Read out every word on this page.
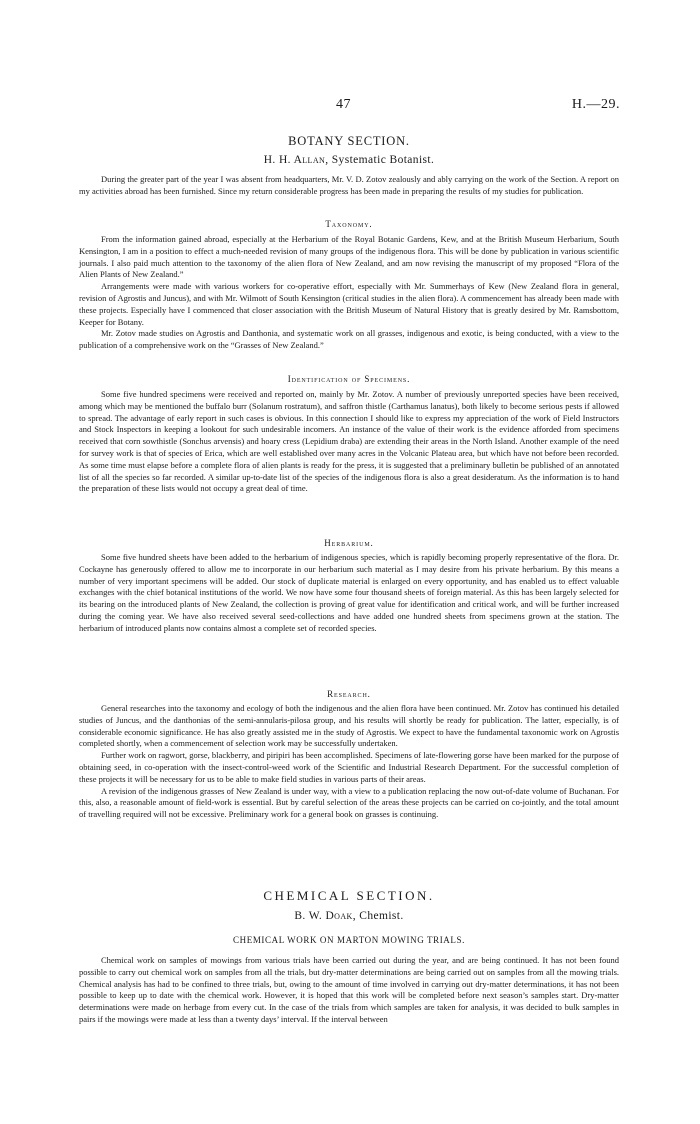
47	H.—29.
BOTANY SECTION.
H. H. Allan, Systematic Botanist.

During the greater part of the year I was absent from headquarters, Mr. V. D. Zotov zealously and ably carrying on the work of the Section. A report on my activities abroad has been furnished. Since my return considerable progress has been made in preparing the results of my studies for publication.

Taxonomy.

From the information gained abroad, especially at the Herbarium of the Royal Botanic Gardens, Kew, and at the British Museum Herbarium, South Kensington, I am in a position to effect a much-needed revision of many groups of the indigenous flora. This will be done by publication in various scientific journals. I also paid much attention to the taxonomy of the alien flora of New Zealand, and am now revising the manuscript of my proposed “Flora of the Alien Plants of New Zealand.”

Arrangements were made with various workers for co-operative effort, especially with Mr. Summerhays of Kew (New Zealand flora in general, revision of Agrostis and Juncus), and with Mr. Wilmott of South Kensington (critical studies in the alien flora). A commencement has already been made with these projects. Especially have I commenced that closer association with the British Museum of Natural History that is greatly desired by Mr. Ramsbottom, Keeper for Botany.

Mr. Zotov made studies on Agrostis and Danthonia, and systematic work on all grasses, indigenous and exotic, is being conducted, with a view to the publication of a comprehensive work on the “Grasses of New Zealand.”

Identification of Specimens.

Some five hundred specimens were received and reported on, mainly by Mr. Zotov. A number of previously unreported species have been received, among which may be mentioned the buffalo burr (Solanum rostratum), and saffron thistle (Carthamus lanatus), both likely to become serious pests if allowed to spread. The advantage of early report in such cases is obvious. In this connection I should like to express my appreciation of the work of Field Instructors and Stock Inspectors in keeping a lookout for such undesirable incomers. An instance of the value of their work is the evidence afforded from specimens received that corn sowthistle (Sonchus arvensis) and hoary cress (Lepidium draba) are extending their areas in the North Island. Another example of the need for survey work is that of species of Erica, which are well established over many acres in the Volcanic Plateau area, but which have not before been recorded. As some time must elapse before a complete flora of alien plants is ready for the press, it is suggested that a preliminary bulletin be published of an annotated list of all the species so far recorded. A similar up-to-date list of the species of the indigenous flora is also a great desideratum. As the information is to hand the preparation of these lists would not occupy a great deal of time.

Herbarium.

Some five hundred sheets have been added to the herbarium of indigenous species, which is rapidly becoming properly representative of the flora. Dr. Cockayne has generously offered to allow me to incorporate in our herbarium such material as I may desire from his private herbarium. By this means a number of very important specimens will be added. Our stock of duplicate material is enlarged on every opportunity, and has enabled us to effect valuable exchanges with the chief botanical institutions of the world. We now have some four thousand sheets of foreign material. As this has been largely selected for its bearing on the introduced plants of New Zealand, the collection is proving of great value for identification and critical work, and will be further increased during the coming year. We have also received several seed-collections and have added one hundred sheets from specimens grown at the station. The herbarium of introduced plants now contains almost a complete set of recorded species.

Research.

General researches into the taxonomy and ecology of both the indigenous and the alien flora have been continued. Mr. Zotov has continued his detailed studies of Juncus, and the danthonias of the semi-annularis-pilosa group, and his results will shortly be ready for publication. The latter, especially, is of considerable economic significance. He has also greatly assisted me in the study of Agrostis. We expect to have the fundamental taxonomic work on Agrostis completed shortly, when a commencement of selection work may be successfully undertaken.

Further work on ragwort, gorse, blackberry, and piripiri has been accomplished. Specimens of late-flowering gorse have been marked for the purpose of obtaining seed, in co-operation with the insect-control-weed work of the Scientific and Industrial Research Department. For the successful completion of these projects it will be necessary for us to be able to make field studies in various parts of their areas.

A revision of the indigenous grasses of New Zealand is under way, with a view to a publication replacing the now out-of-date volume of Buchanan. For this, also, a reasonable amount of field-work is essential. But by careful selection of the areas these projects can be carried on co-jointly, and the total amount of travelling required will not be excessive. Preliminary work for a general book on grasses is continuing.

CHEMICAL SECTION.
B. W. Doak, Chemist.
CHEMICAL WORK ON MARTON MOWING TRIALS.

Chemical work on samples of mowings from various trials have been carried out during the year, and are being continued. It has not been found possible to carry out chemical work on samples from all the trials, but dry-matter determinations are being carried out on samples from all the mowing trials. Chemical analysis has had to be confined to three trials, but, owing to the amount of time involved in carrying out dry-matter determinations, it has not been possible to keep up to date with the chemical work. However, it is hoped that this work will be completed before next season’s samples start. Dry-matter determinations were made on herbage from every cut. In the case of the trials from which samples are taken for analysis, it was decided to bulk samples in pairs if the mowings were made at less than a twenty days’ interval. If the interval between
